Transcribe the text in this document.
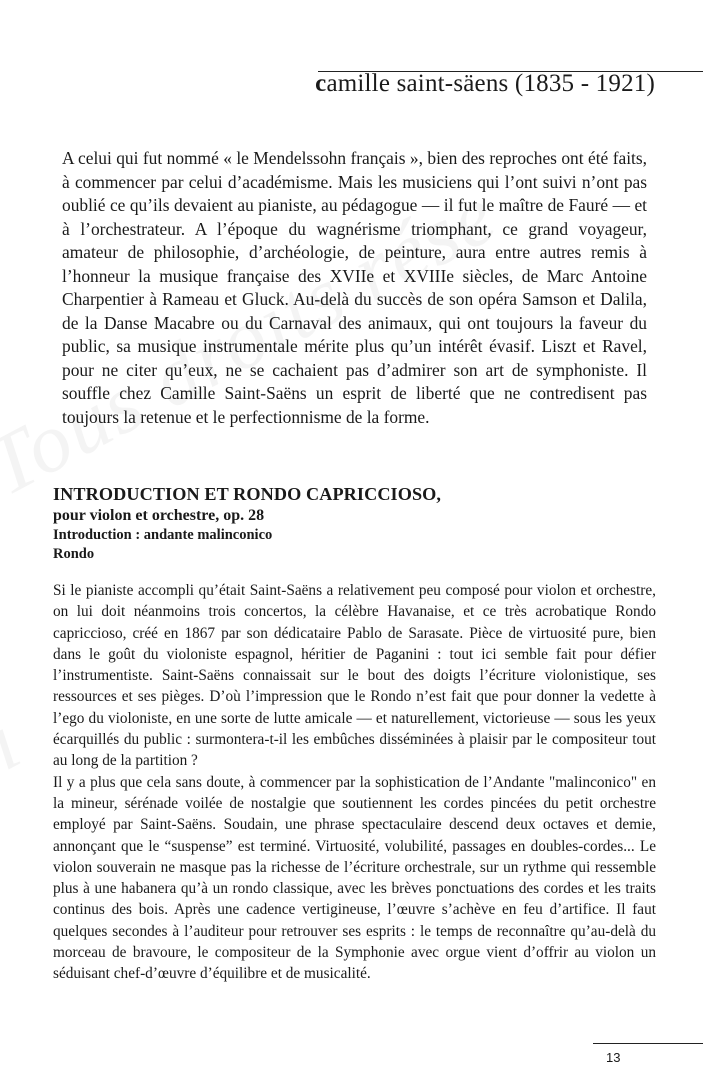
camille saint-säens (1835 - 1921)

A celui qui fut nommé « le Mendelssohn français », bien des reproches ont été faits, à commencer par celui d’académisme. Mais les musiciens qui l’ont suivi n’ont pas oublié ce qu’ils devaient au pianiste, au pédagogue — il fut le maître de Fauré — et à l’orchestrateur. A l’époque du wagnérisme triomphant, ce grand voyageur, amateur de philosophie, d’archéologie, de peinture, aura entre autres remis à l’honneur la musique française des XVIIe et XVIIIe siècles, de Marc Antoine Charpentier à Rameau et Gluck. Au-delà du succès de son opéra Samson et Dalila, de la Danse Macabre ou du Carnaval des animaux, qui ont toujours la faveur du public, sa musique instrumentale mérite plus qu’un intérêt évasif. Liszt et Ravel, pour ne citer qu’eux, ne se cachaient pas d’admirer son art de symphoniste. Il souffle chez Camille Saint-Saëns un esprit de liberté que ne contredisent pas toujours la retenue et le perfectionnisme de la forme.

INTRODUCTION ET RONDO CAPRICCIOSO,
pour violon et orchestre, op. 28
Introduction : andante malinconico
Rondo

Si le pianiste accompli qu’était Saint-Saëns a relativement peu composé pour violon et orchestre, on lui doit néanmoins trois concertos, la célèbre Havanaise, et ce très acrobatique Rondo capriccioso, créé en 1867 par son dédicataire Pablo de Sarasate. Pièce de virtuosité pure, bien dans le goût du violoniste espagnol, héritier de Paganini : tout ici semble fait pour défier l’instrumentiste. Saint-Saëns connaissait sur le bout des doigts l’écriture violonistique, ses ressources et ses pièges. D’où l’impression que le Rondo n’est fait que pour donner la vedette à l’ego du violoniste, en une sorte de lutte amicale — et naturellement, victorieuse — sous les yeux écarquillés du public : surmontera-t-il les embûches disséminées à plaisir par le compositeur tout au long de la partition ?

Il y a plus que cela sans doute, à commencer par la sophistication de l’Andante "malinconico" en la mineur, sérénade voilée de nostalgie que soutiennent les cordes pincées du petit orchestre employé par Saint-Saëns. Soudain, une phrase spectaculaire descend deux octaves et demie, annonçant que le “suspense” est terminé. Virtuosité, volubilité, passages en doubles-cordes... Le violon souverain ne masque pas la richesse de l’écriture orchestrale, sur un rythme qui ressemble plus à une habanera qu’à un rondo classique, avec les brèves ponctuations des cordes et les traits continus des bois. Après une cadence vertigineuse, l’œuvre s’achève en feu d’artifice. Il faut quelques secondes à l’auditeur pour retrouver ses esprits : le temps de reconnaître qu’au-delà du morceau de bravoure, le compositeur de la Symphonie avec orgue vient d’offrir au violon un séduisant chef-d’œuvre d’équilibre et de musicalité.

13
